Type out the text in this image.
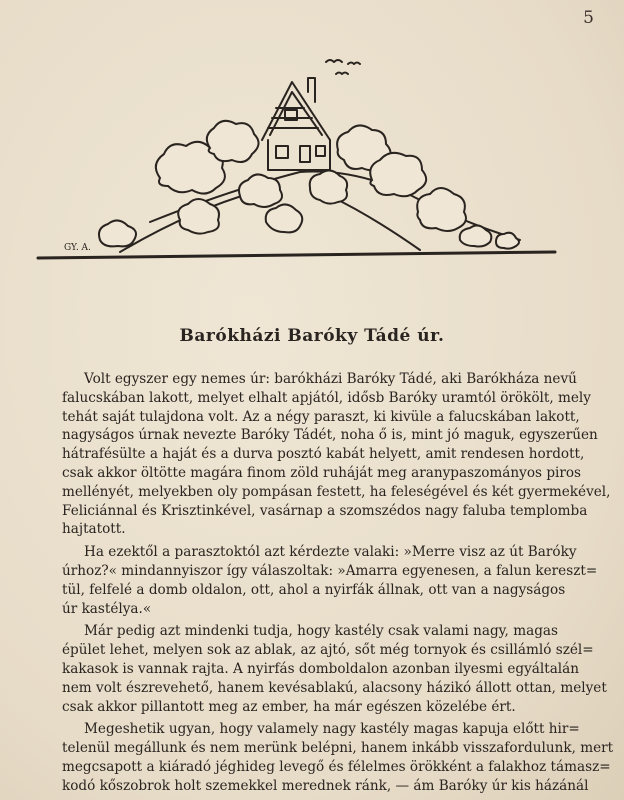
5
GY. A.
Barókházi Baróky Tádé úr.
Volt egyszer egy nemes úr: barókházi Baróky Tádé, aki Barókháza nevű
falucskában lakott, melyet elhalt apjától, idősb Baróky uramtól örökölt, mely
tehát saját tulajdona volt. Az a négy paraszt, ki kivüle a falucskában lakott,
nagyságos úrnak nevezte Baróky Tádét, noha ő is, mint jó maguk, egyszerűen
hátrafésülte a haját és a durva posztó kabát helyett, amit rendesen hordott,
csak akkor öltötte magára finom zöld ruháját meg aranypaszományos piros
mellényét, melyekben oly pompásan festett, ha feleségével és két gyermekével,
Feliciánnal és Krisztinkével, vasárnap a szomszédos nagy faluba templomba
hajtatott.
Ha ezektől a parasztoktól azt kérdezte valaki: »Merre visz az út Baróky
úrhoz?« mindannyiszor így válaszoltak: »Amarra egyenesen, a falun kereszt=
tül, felfelé a domb oldalon, ott, ahol a nyirfák állnak, ott van a nagyságos
úr kastélya.«
Már pedig azt mindenki tudja, hogy kastély csak valami nagy, magas
épület lehet, melyen sok az ablak, az ajtó, sőt még tornyok és csillámló szél=
kakasok is vannak rajta. A nyirfás domboldalon azonban ilyesmi egyáltalán
nem volt észrevehető, hanem kevésablakú, alacsony házikó állott ottan, melyet
csak akkor pillantott meg az ember, ha már egészen közelébe ért.
Megeshetik ugyan, hogy valamely nagy kastély magas kapuja előtt hir=
telenül megállunk és nem merünk belépni, hanem inkább visszafordulunk, mert
megcsapott a kiáradó jéghideg levegő és félelmes örökként a falakhoz támasz=
kodó kőszobrok holt szemekkel merednek ránk, — ám Baróky úr kis házánál
